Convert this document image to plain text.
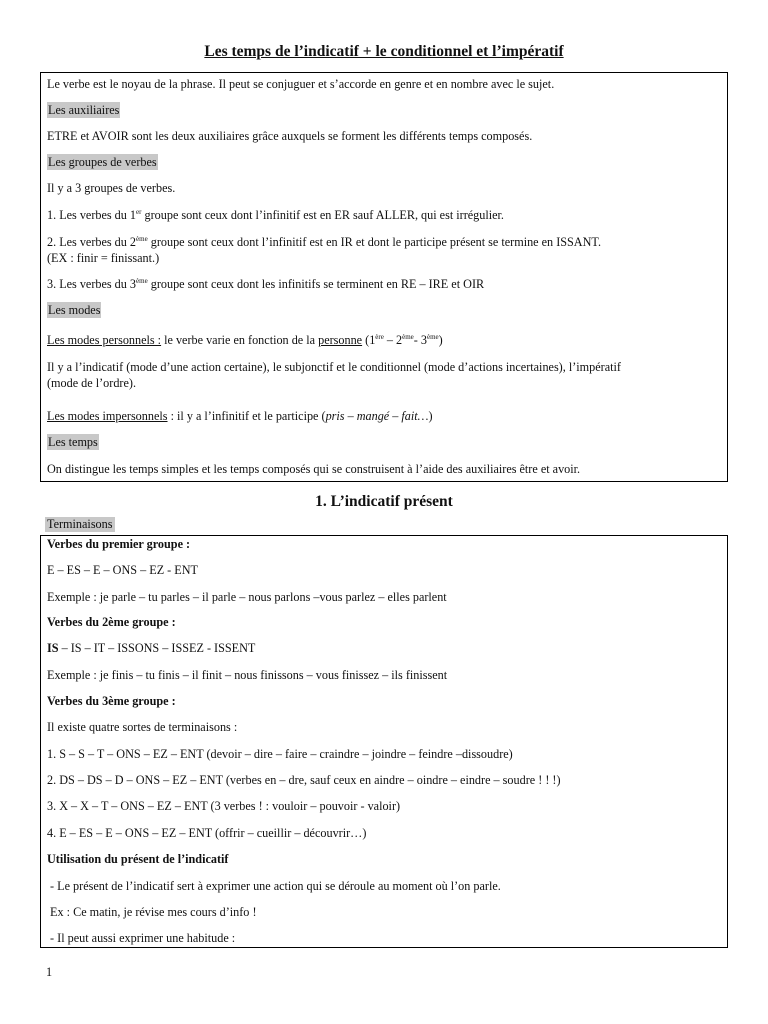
Les temps de l’indicatif + le conditionnel et l’impératif
Le verbe est le noyau de la phrase. Il peut se conjuguer et s’accorde en genre et en nombre avec le sujet.
Les auxiliaires
ETRE et AVOIR sont les deux auxiliaires grâce auxquels se forment les différents temps composés.
Les groupes de verbes
Il y a 3 groupes de verbes.
1. Les verbes du 1er groupe sont ceux dont l’infinitif est en ER sauf ALLER, qui est irrégulier.
2. Les verbes du 2ème groupe sont ceux dont l’infinitif est en IR et dont le participe présent se termine en ISSANT.
(EX : finir = finissant.)
3. Les verbes du 3ème groupe sont ceux dont les infinitifs se terminent en RE – IRE et OIR
Les modes
Les modes personnels : le verbe varie en fonction de la personne (1ère – 2ème- 3ème)
Il y a l’indicatif (mode d’une action certaine), le subjonctif et le conditionnel (mode d’actions incertaines), l’impératif
(mode de l’ordre).
Les modes impersonnels : il y a l’infinitif et le participe (pris – mangé – fait…)
Les temps
On distingue les temps simples et les temps composés qui se construisent à l’aide des auxiliaires être et avoir.
1. L’indicatif présent
Terminaisons
Verbes du premier groupe :
E – ES – E – ONS – EZ - ENT
Exemple : je parle – tu parles – il parle – nous parlons –vous parlez – elles parlent
Verbes du 2ème groupe :
IS – IS – IT – ISSONS – ISSEZ - ISSENT
Exemple : je finis – tu finis – il finit – nous finissons – vous finissez – ils finissent
Verbes du 3ème groupe :
Il existe quatre sortes de terminaisons :
1. S – S – T – ONS – EZ – ENT (devoir – dire – faire – craindre – joindre – feindre –dissoudre)
2. DS – DS – D – ONS – EZ – ENT (verbes en – dre, sauf ceux en aindre – oindre – eindre – soudre ! ! !)
3. X – X – T – ONS – EZ – ENT (3 verbes ! : vouloir – pouvoir - valoir)
4. E – ES – E – ONS – EZ – ENT (offrir – cueillir – découvrir…)
Utilisation du présent de l’indicatif
- Le présent de l’indicatif sert à exprimer une action qui se déroule au moment où l’on parle.
Ex : Ce matin, je révise mes cours d’info !
- Il peut aussi exprimer une habitude :
1
